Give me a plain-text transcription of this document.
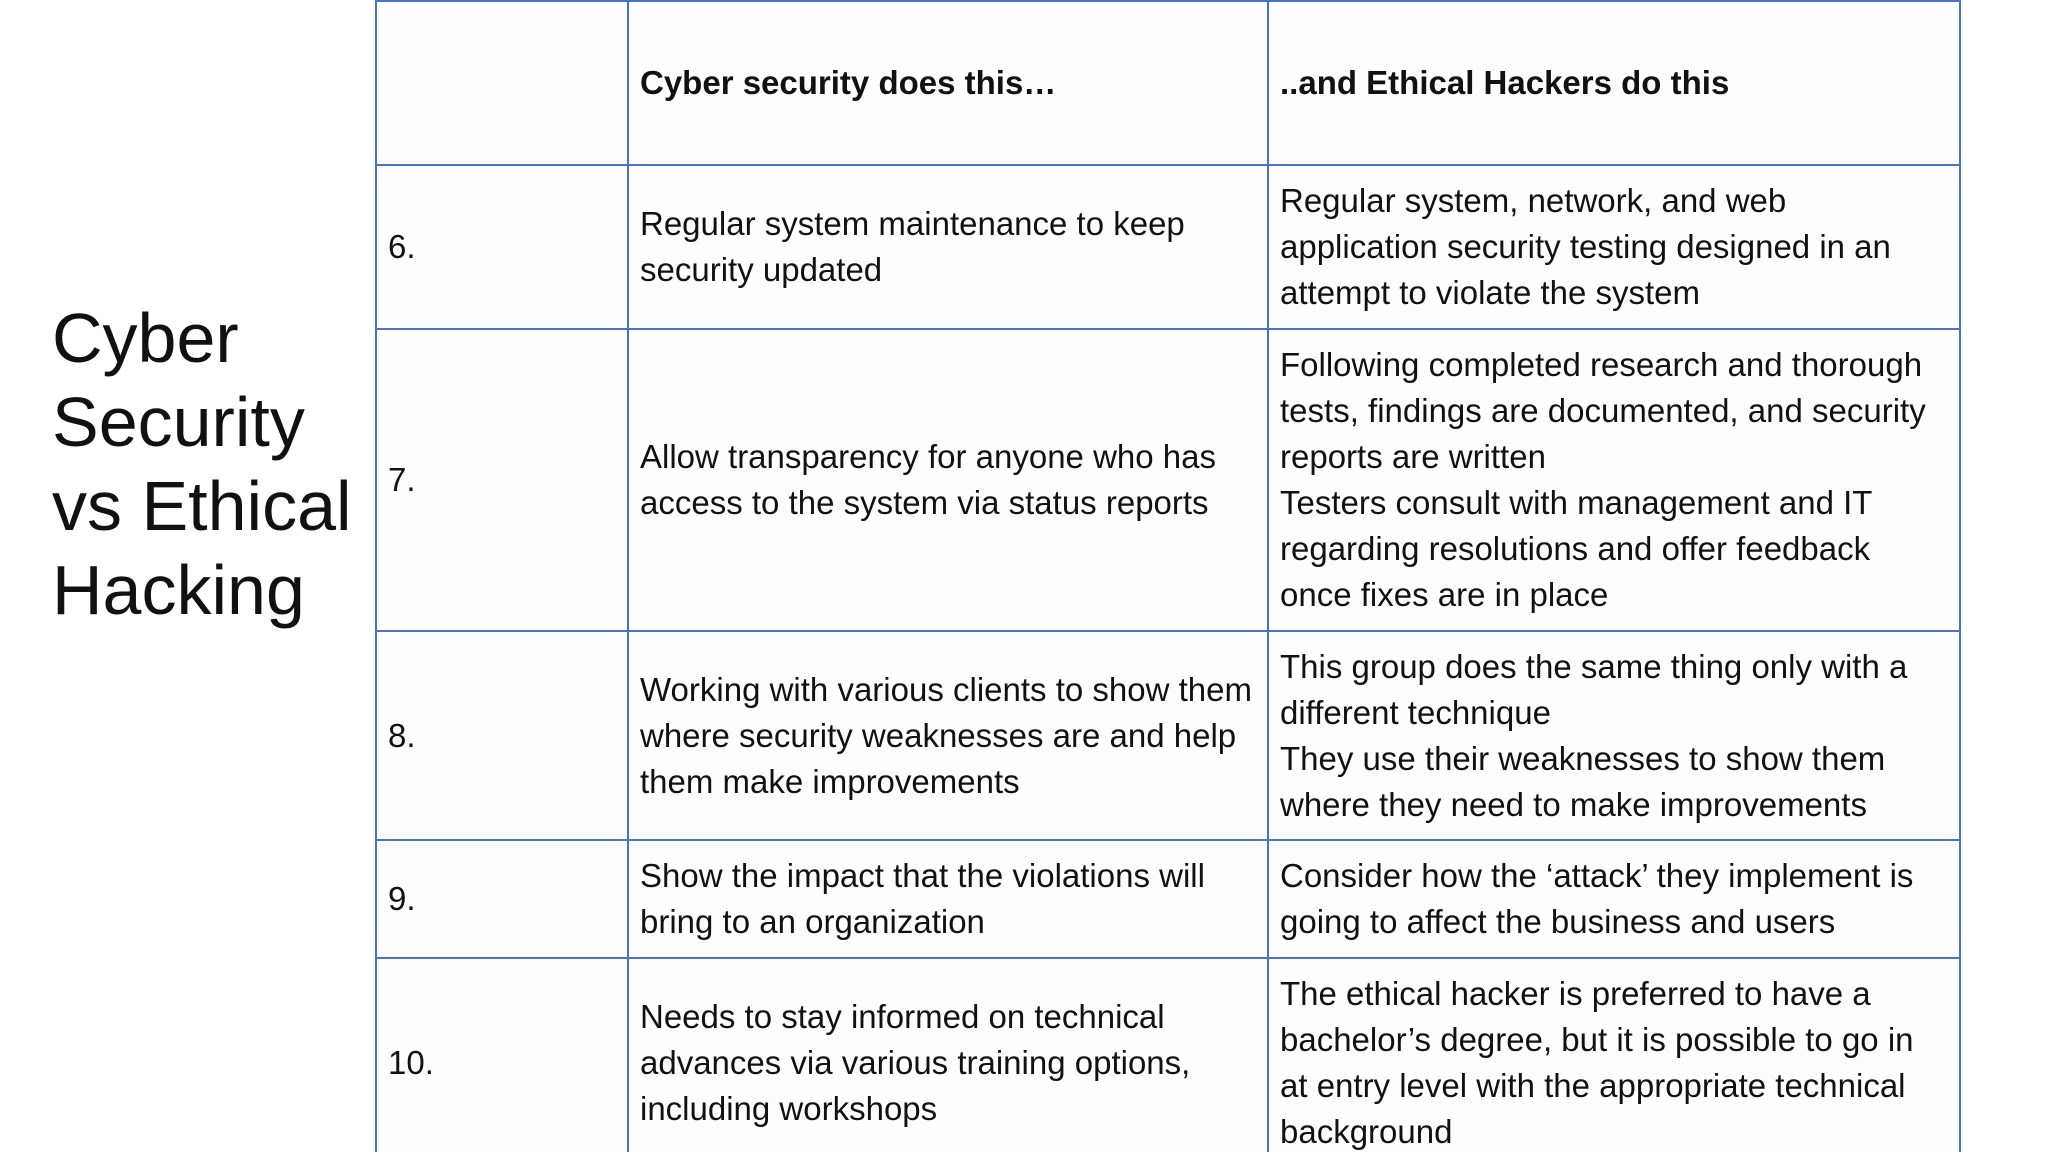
Cyber
Security
vs Ethical
Hacking
	Cyber security does this…	..and Ethical Hackers do this
6.	Regular system maintenance to keep security updated	Regular system, network, and web application security testing designed in an attempt to violate the system

7.	Allow transparency for anyone who has access to the system via status reports	Following completed research and thorough tests, findings are documented, and security reports are written
Testers consult with management and IT regarding resolutions and offer feedback once fixes are in place

8.	Working with various clients to show them where security weaknesses are and help them make improvements	This group does the same thing only with a different technique
They use their weaknesses to show them where they need to make improvements

9.	Show the impact that the violations will bring to an organization	Consider how the ‘attack’ they implement is going to affect the business and users

10.	Needs to stay informed on technical advances via various training options, including workshops	The ethical hacker is preferred to have a bachelor’s degree, but it is possible to go in at entry level with the appropriate technical background
